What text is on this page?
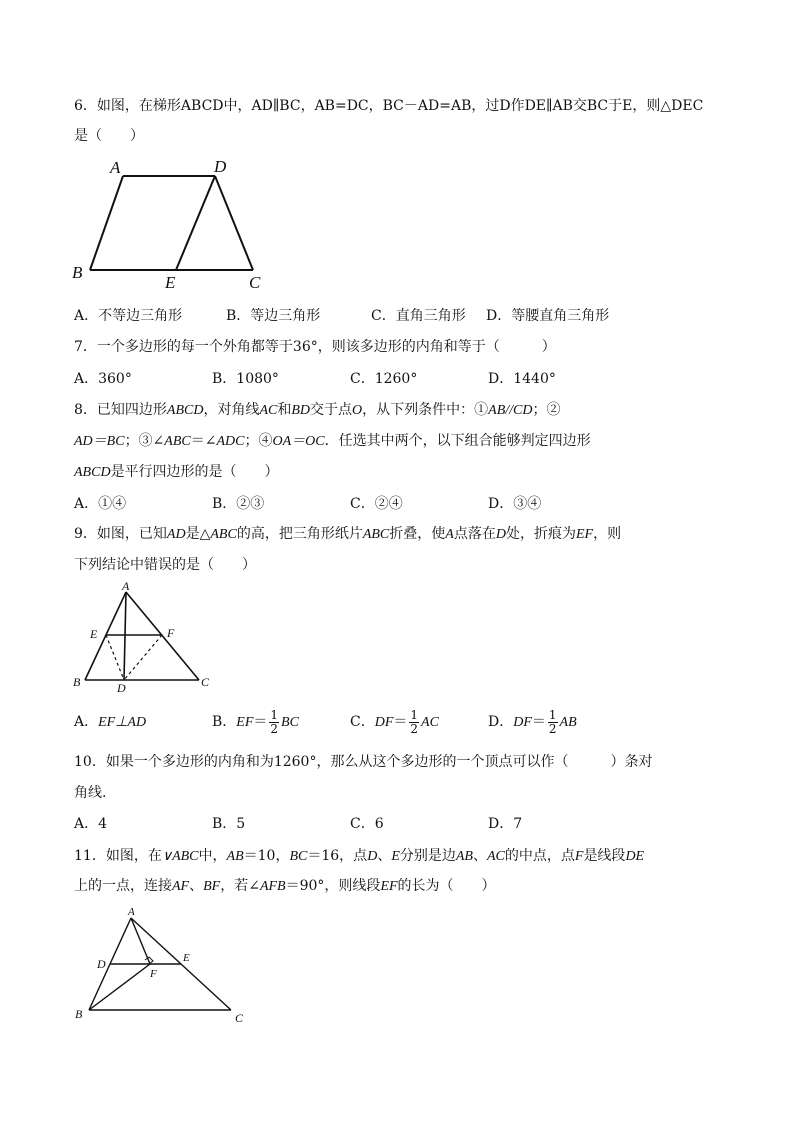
6．如图，在梯形ABCD中，AD∥BC，AB=DC，BC－AD=AB，过D作DE∥AB交BC于E，则△DEC
是（　　）
A	D
B
E	C
A．不等边三角形	B．等边三角形	C．直角三角形 D．等腰直角三角形
7．一个多边形的每一个外角都等于36°，则该多边形的内角和等于（　　　）
A．360°	B．1080°	C．1260°	D．1440°
8．已知四边形ABCD，对角线AC和BD交于点O，从下列条件中：①AB//CD；②
AD＝BC；③∠ABC＝∠ADC；④OA＝OC．任选其中两个，以下组合能够判定四边形
ABCD是平行四边形的是（　　）
A．①④	B．②③	C．②④	D．③④
9．如图，已知AD是△ABC的高，把三角形纸片ABC折叠，使A点落在D处，折痕为EF，则
下列结论中错误的是（　　）
A
E	F
B	D	C
A．EF⊥AD	B．$EF= \frac{1}{2}$ BC	C．$DF= \frac{1}{2}$ AC	D．$DF= \frac{1}{2}$ AB
10．如果一个多边形的内角和为1260°，那么从这个多边形的一个顶点可以作（　　　）条对
角线.
A．4	B．5	C．6	D．7
11．如图，在∨ABC中，AB＝10，BC＝16，点D、E分别是边AB、AC的中点，点F是线段DE
上的一点，连接AF、BF，若∠AFB＝90°，则线段EF的长为（　　）
A
D	E
F
B	C
